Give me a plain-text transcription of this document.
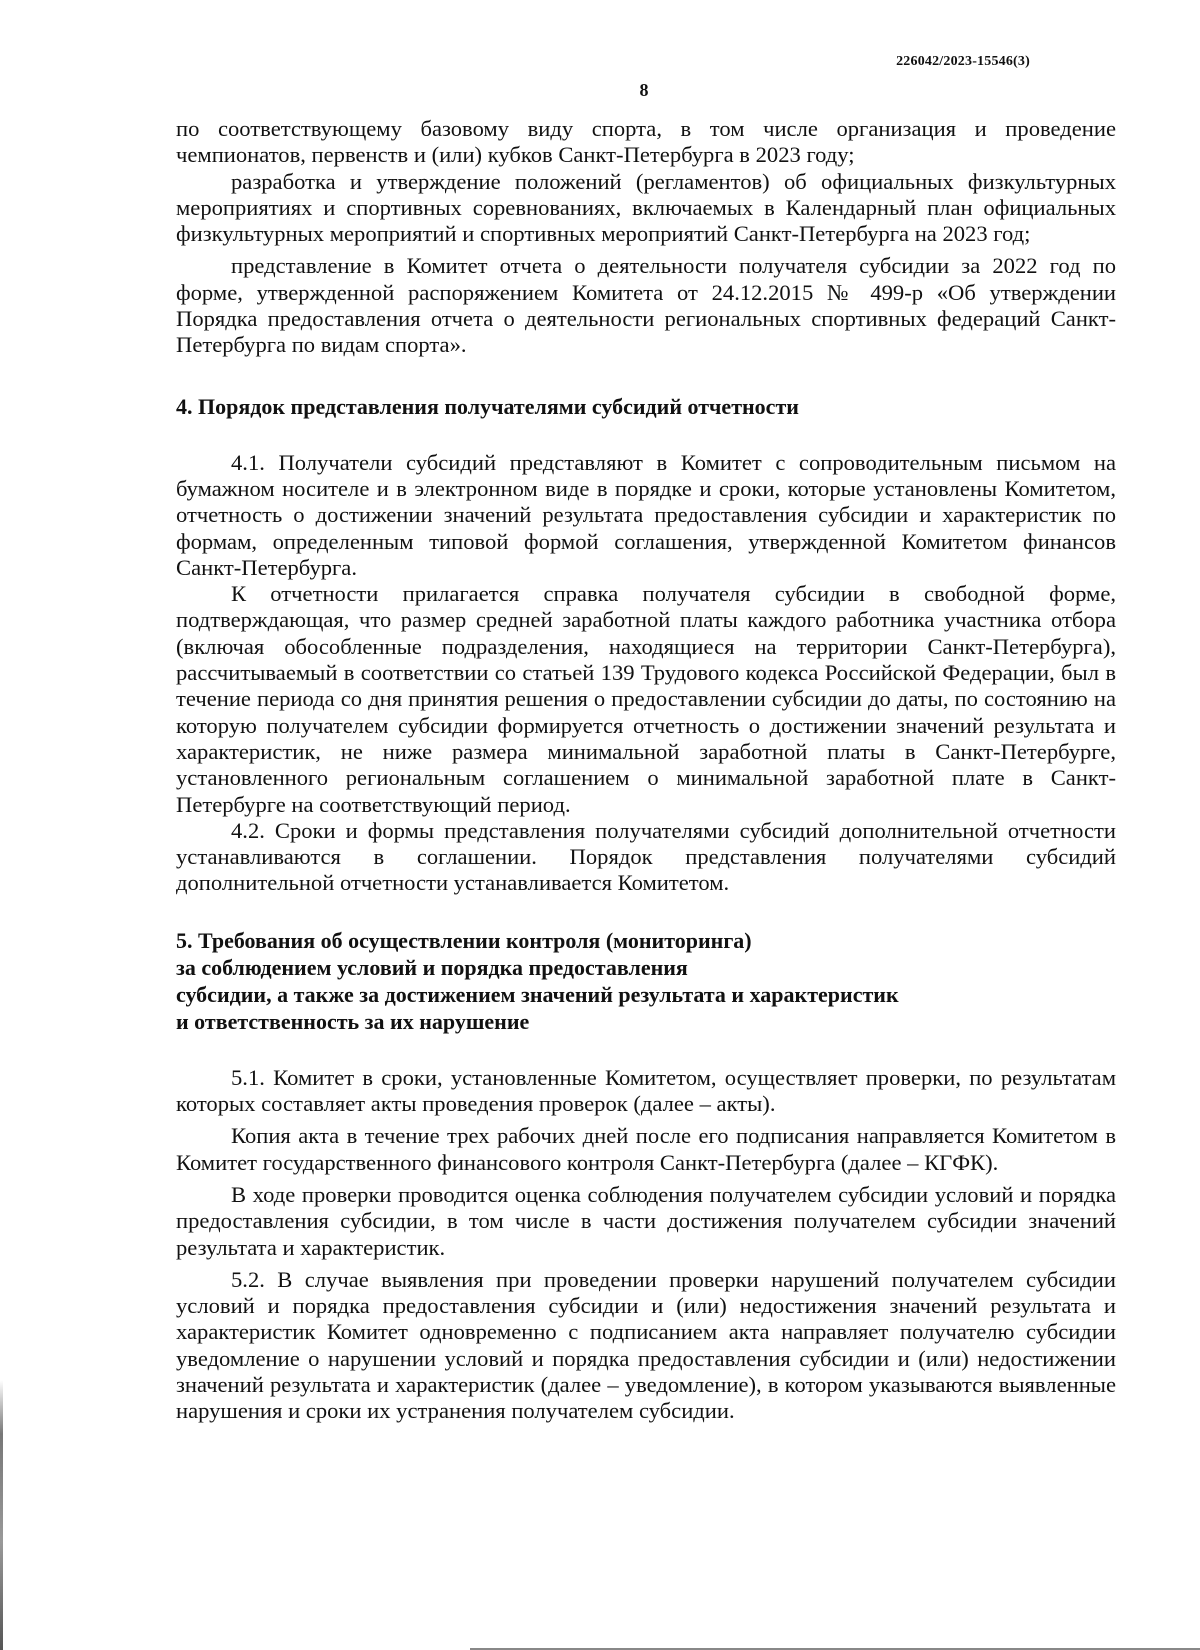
226042/2023-15546(3)
8

по соответствующему базовому виду спорта, в том числе организация и проведение чемпионатов, первенств и (или) кубков Санкт-Петербурга в 2023 году;

разработка и утверждение положений (регламентов) об официальных физкультурных мероприятиях и спортивных соревнованиях, включаемых в Календарный план официальных физкультурных мероприятий и спортивных мероприятий Санкт-Петербурга на 2023 год;

представление в Комитет отчета о деятельности получателя субсидии за 2022 год по форме, утвержденной распоряжением Комитета от 24.12.2015 № 499-р «Об утверждении Порядка предоставления отчета о деятельности региональных спортивных федераций Санкт-Петербурга по видам спорта».

4. Порядок представления получателями субсидий отчетности

4.1. Получатели субсидий представляют в Комитет с сопроводительным письмом на бумажном носителе и в электронном виде в порядке и сроки, которые установлены Комитетом, отчетность о достижении значений результата предоставления субсидии и характеристик по формам, определенным типовой формой соглашения, утвержденной Комитетом финансов Санкт-Петербурга.

К отчетности прилагается справка получателя субсидии в свободной форме, подтверждающая, что размер средней заработной платы каждого работника участника отбора (включая обособленные подразделения, находящиеся на территории Санкт-Петербурга), рассчитываемый в соответствии со статьей 139 Трудового кодекса Российской Федерации, был в течение периода со дня принятия решения о предоставлении субсидии до даты, по состоянию на которую получателем субсидии формируется отчетность о достижении значений результата и характеристик, не ниже размера минимальной заработной платы в Санкт-Петербурге, установленного региональным соглашением о минимальной заработной плате в Санкт-Петербурге на соответствующий период.

4.2. Сроки и формы представления получателями субсидий дополнительной отчетности устанавливаются в соглашении. Порядок представления получателями субсидий дополнительной отчетности устанавливается Комитетом.

5. Требования об осуществлении контроля (мониторинга)
за соблюдением условий и порядка предоставления
субсидии, а также за достижением значений результата и характеристик
и ответственность за их нарушение

5.1. Комитет в сроки, установленные Комитетом, осуществляет проверки, по результатам которых составляет акты проведения проверок (далее – акты).

Копия акта в течение трех рабочих дней после его подписания направляется Комитетом в Комитет государственного финансового контроля Санкт-Петербурга (далее – КГФК).

В ходе проверки проводится оценка соблюдения получателем субсидии условий и порядка предоставления субсидии, в том числе в части достижения получателем субсидии значений результата и характеристик.

5.2. В случае выявления при проведении проверки нарушений получателем субсидии условий и порядка предоставления субсидии и (или) недостижения значений результата и характеристик Комитет одновременно с подписанием акта направляет получателю субсидии уведомление о нарушении условий и порядка предоставления субсидии и (или) недостижении значений результата и характеристик (далее – уведомление), в котором указываются выявленные нарушения и сроки их устранения получателем субсидии.
